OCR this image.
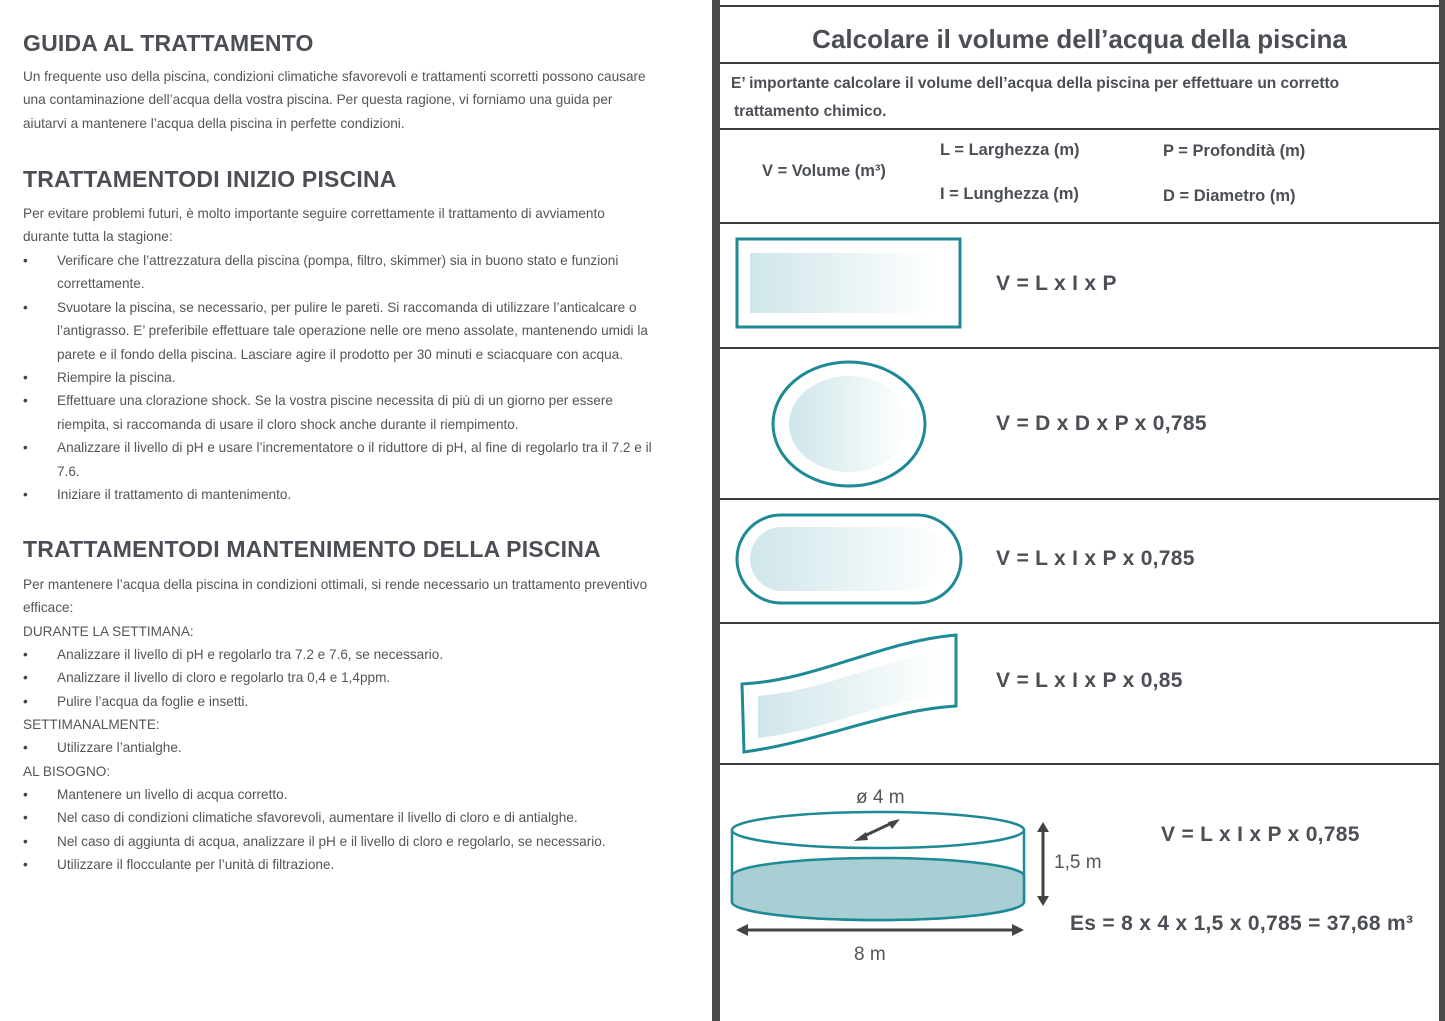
GUIDA AL TRATTAMENTO
Un frequente uso della piscina, condizioni climatiche sfavorevoli e trattamenti scorretti possono causare
una contaminazione dell’acqua della vostra piscina. Per questa ragione, vi forniamo una guida per
aiutarvi a mantenere l’acqua della piscina in perfette condizioni.
TRATTAMENTODI INIZIO PISCINA
Per evitare problemi futuri, è molto importante seguire correttamente il trattamento di avviamento
durante tutta la stagione:
• Verificare che l’attrezzatura della piscina (pompa, filtro, skimmer) sia in buono stato e funzioni
correttamente.
• Svuotare la piscina, se necessario, per pulire le pareti. Si raccomanda di utilizzare l’anticalcare o
l’antigrasso. E’ preferibile effettuare tale operazione nelle ore meno assolate, mantenendo umidi la
parete e il fondo della piscina. Lasciare agire il prodotto per 30 minuti e sciacquare con acqua.
• Riempire la piscina.
• Effettuare una clorazione shock. Se la vostra piscine necessita di più di un giorno per essere
riempita, si raccomanda di usare il cloro shock anche durante il riempimento.
• Analizzare il livello di pH e usare l’incrementatore o il riduttore di pH, al fine di regolarlo tra il 7.2 e il
7.6.
• Iniziare il trattamento di mantenimento.
TRATTAMENTODI MANTENIMENTO DELLA PISCINA
Per mantenere l’acqua della piscina in condizioni ottimali, si rende necessario un trattamento preventivo
efficace:
DURANTE LA SETTIMANA:
• Analizzare il livello di pH e regolarlo tra 7.2 e 7.6, se necessario.
• Analizzare il livello di cloro e regolarlo tra 0,4 e 1,4ppm.
• Pulire l’acqua da foglie e insetti.
SETTIMANALMENTE:
• Utilizzare l’antialghe.
AL BISOGNO:
• Mantenere un livello di acqua corretto.
• Nel caso di condizioni climatiche sfavorevoli, aumentare il livello di cloro e di antialghe.
• Nel caso di aggiunta di acqua, analizzare il pH e il livello di cloro e regolarlo, se necessario.
• Utilizzare il flocculante per l’unità di filtrazione.
Calcolare il volume dell’acqua della piscina
E’ importante calcolare il volume dell’acqua della piscina per effettuare un corretto
trattamento chimico.
V = Volume (m³)
L = Larghezza (m)
I = Lunghezza (m)
P = Profondità (m)
D = Diametro (m)
V = L x I x P
V = D x D x P x 0,785
V = L x I x P x 0,785
V = L x I x P x 0,85
ø 4 m
1,5 m
8 m
V = L x I x P x 0,785
Es = 8 x 4 x 1,5 x 0,785 = 37,68 m³
